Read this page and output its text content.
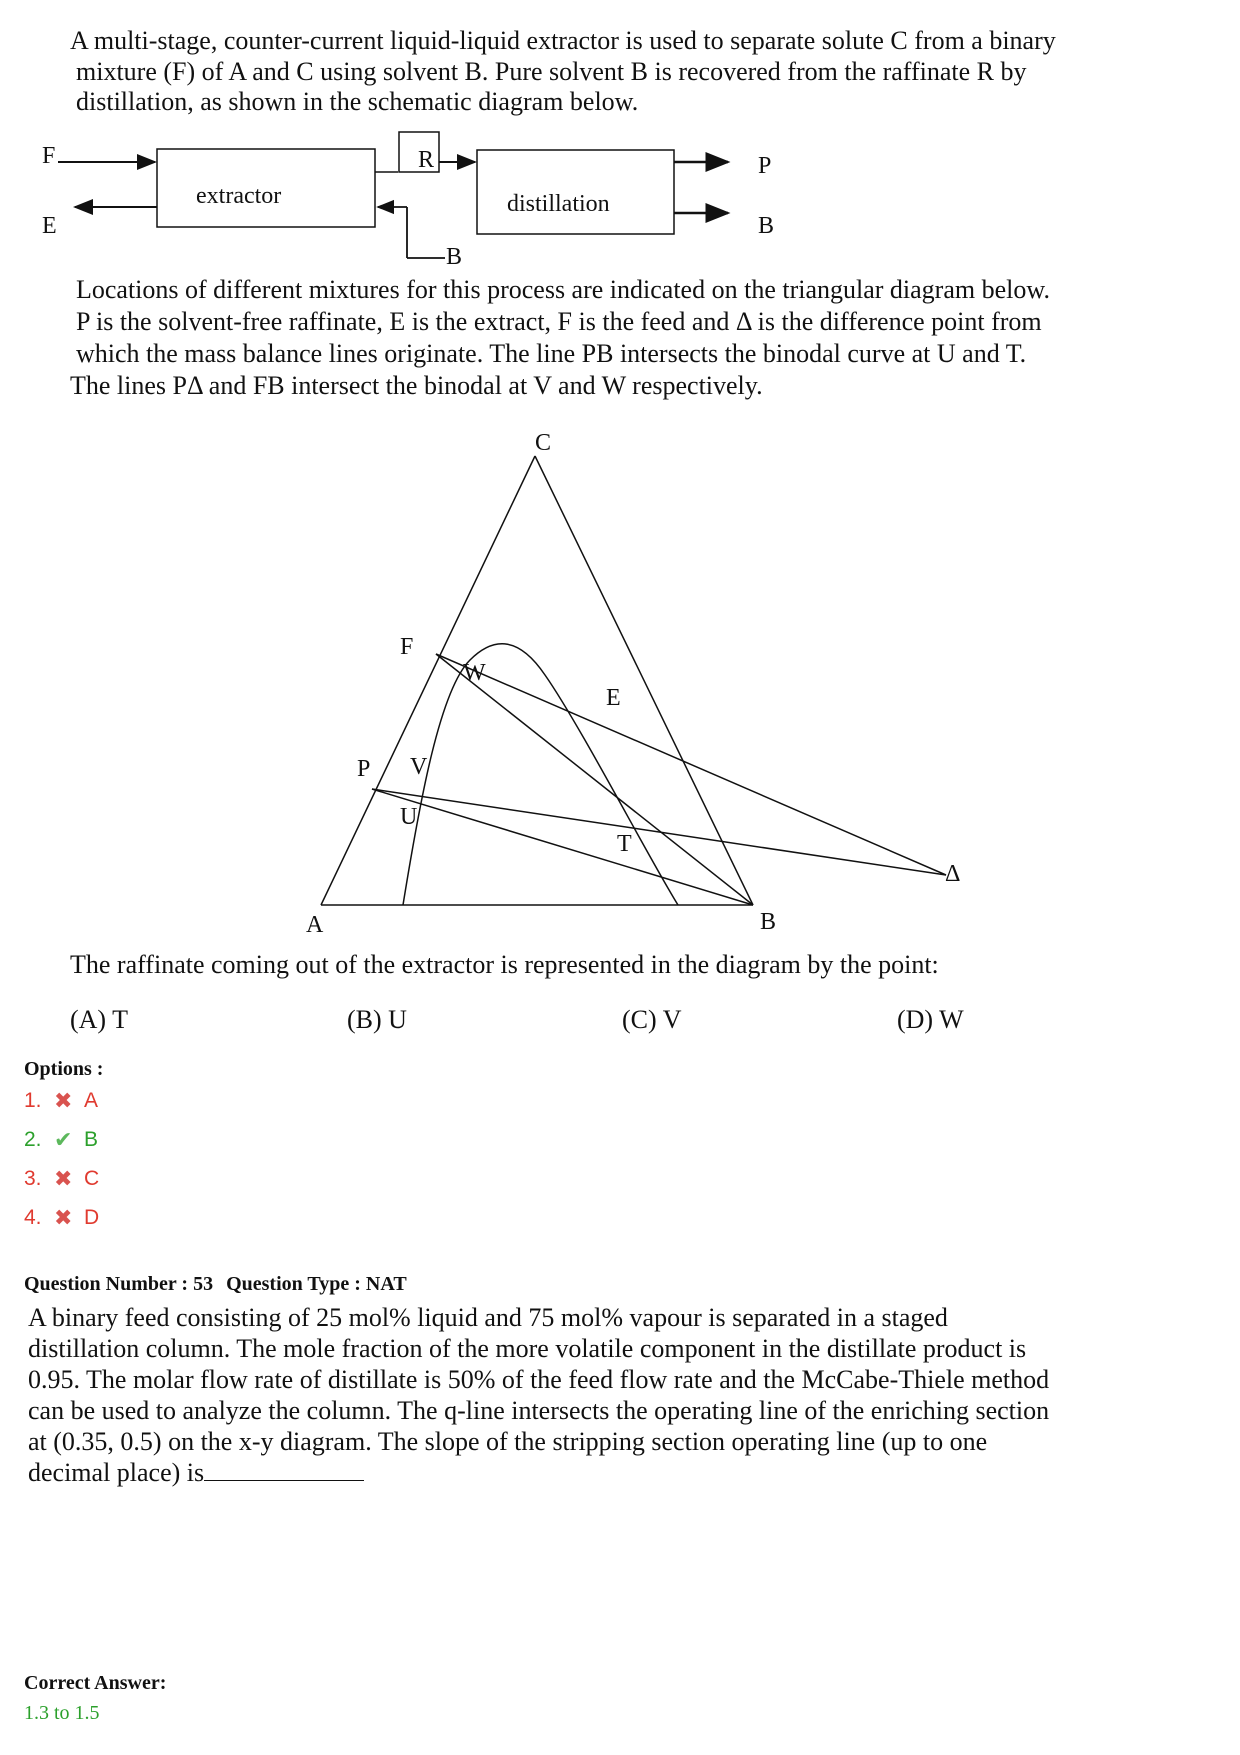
A multi-stage, counter-current liquid-liquid extractor is used to separate solute C from a binary
mixture (F) of A and C using solvent B. Pure solvent B is recovered from the raffinate R by
distillation, as shown in the schematic diagram below.
extractor
F
E
R
B
distillation
P
B
Locations of different mixtures for this process are indicated on the triangular diagram below.
P is the solvent-free raffinate, E is the extract, F is the feed and Δ is the difference point from
which the mass balance lines originate. The line PB intersects the binodal curve at U and T.
The lines PΔ and FB intersect the binodal at V and W respectively.
C
A	B
F
W
E
P V
U
T
Δ
The raffinate coming out of the extractor is represented in the diagram by the point:
(A) T	(B) U	(C) V	(D) W
Options :
1. ✖ A
2. ✔ B
3. ✖ C
4. ✖ D
Question Number : 53 Question Type : NAT
A binary feed consisting of 25 mol% liquid and 75 mol% vapour is separated in a staged
distillation column. The mole fraction of the more volatile component in the distillate product is
0.95. The molar flow rate of distillate is 50% of the feed flow rate and the McCabe-Thiele method
can be used to analyze the column. The q-line intersects the operating line of the enriching section
at (0.35, 0.5) on the x-y diagram. The slope of the stripping section operating line (up to one
decimal place) is
Correct Answer:
1.3 to 1.5
